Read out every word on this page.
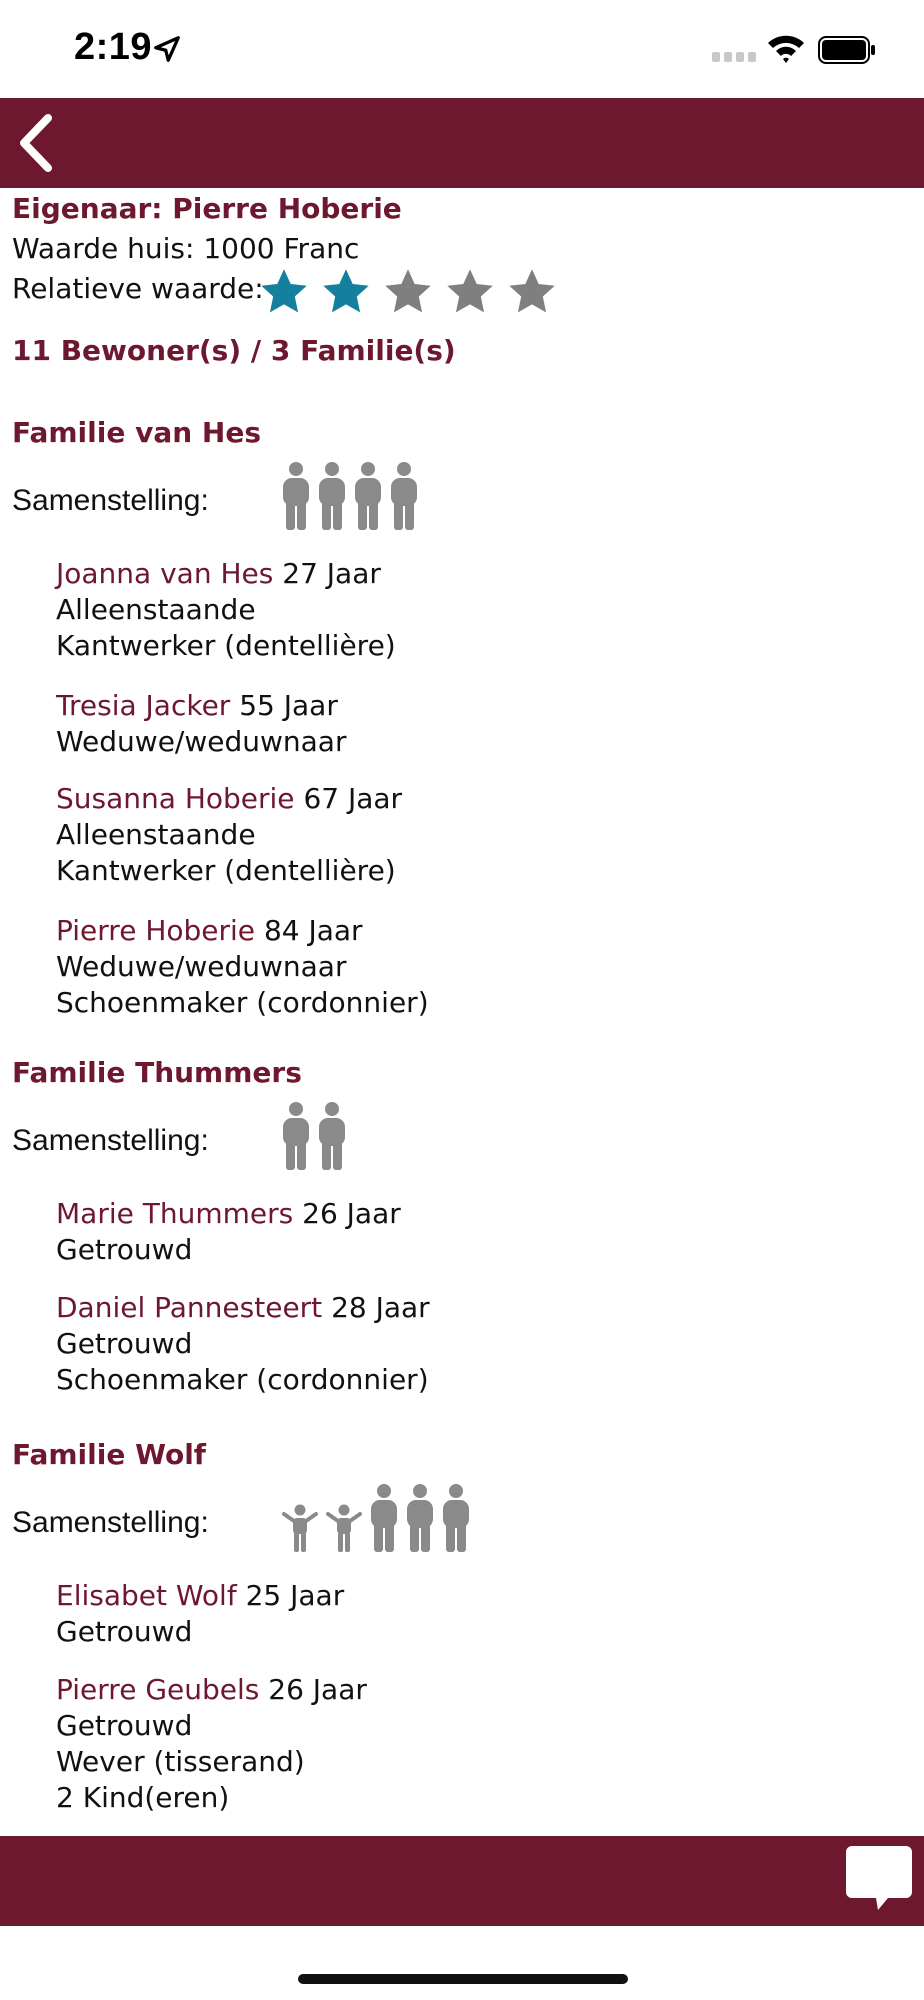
2:19
Eigenaar: Pierre Hoberie
Waarde huis: 1000 Franc
Relatieve waarde:
11 Bewoner(s) / 3 Familie(s)
Familie van Hes
Samenstelling:
Joanna van Hes 27 Jaar
Alleenstaande
Kantwerker (dentellière)
Tresia Jacker 55 Jaar
Weduwe/weduwnaar
Susanna Hoberie 67 Jaar
Alleenstaande
Kantwerker (dentellière)
Pierre Hoberie 84 Jaar
Weduwe/weduwnaar
Schoenmaker (cordonnier)
Familie Thummers
Samenstelling:
Marie Thummers 26 Jaar
Getrouwd
Daniel Pannesteert 28 Jaar
Getrouwd
Schoenmaker (cordonnier)
Familie Wolf
Samenstelling:
Elisabet Wolf 25 Jaar
Getrouwd
Pierre Geubels 26 Jaar
Getrouwd
Wever (tisserand)
2 Kind(eren)
